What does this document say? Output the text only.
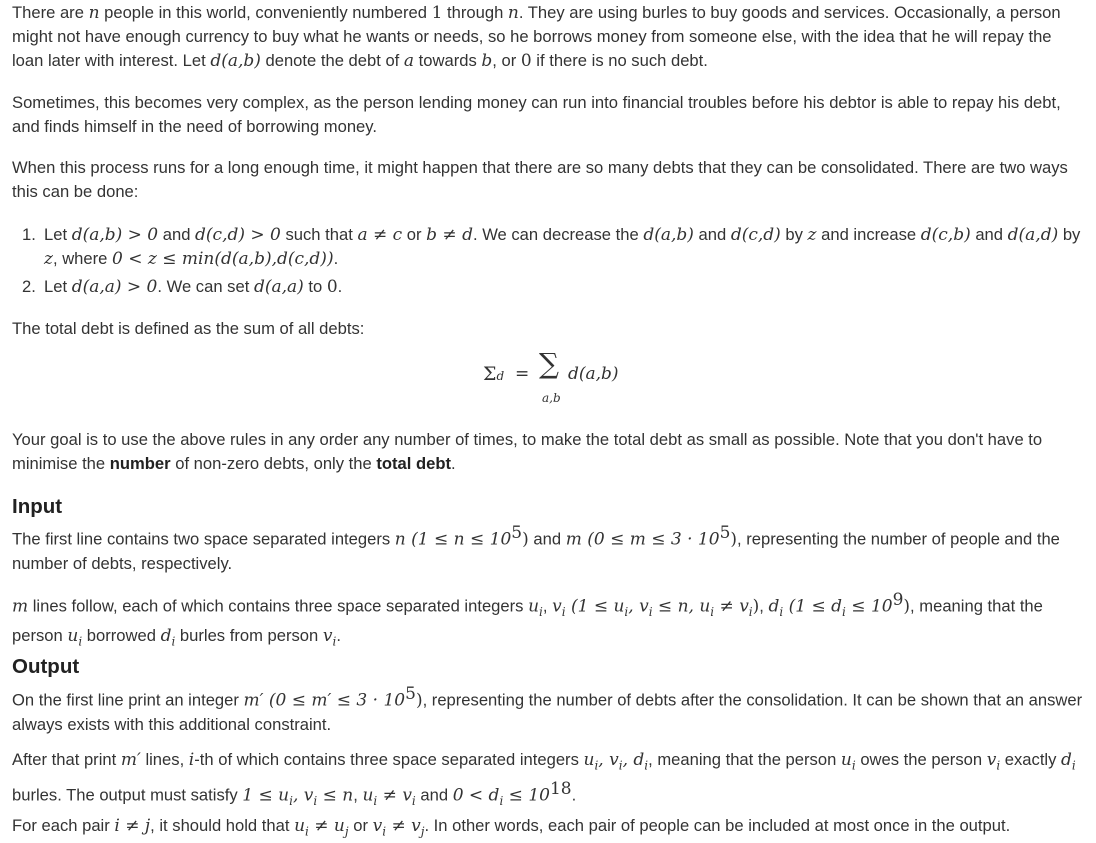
There are n people in this world, conveniently numbered 1 through n. They are using burles to buy goods and services. Occasionally, a person might not have enough currency to buy what he wants or needs, so he borrows money from someone else, with the idea that he will repay the loan later with interest. Let d(a,b) denote the debt of a towards b, or 0 if there is no such debt.

Sometimes, this becomes very complex, as the person lending money can run into financial troubles before his debtor is able to repay his debt, and finds himself in the need of borrowing money.

When this process runs for a long enough time, it might happen that there are so many debts that they can be consolidated. There are two ways this can be done:

1. Let d(a,b) > 0 and d(c,d) > 0 such that a ≠ c or b ≠ d. We can decrease the d(a,b) and d(c,d) by z and increase d(c,b) and d(a,d) by z, where 0 < z ≤ min(d(a,b),d(c,d)).
2. Let d(a,a) > 0. We can set d(a,a) to 0.

The total debt is defined as the sum of all debts:

Σd = ∑
a,b
d(a,b)

Your goal is to use the above rules in any order any number of times, to make the total debt as small as possible. Note that you don't have to minimise the number of non-zero debts, only the total debt.

Input

The first line contains two space separated integers n $(1 \le n \le 10^5)$ and m $(0 \le m \le 3 \cdot 10^5)$, representing the number of people and the number of debts, respectively.

m lines follow, each of which contains three space separated integers $u_i$, $v_i$ ($1 \le u_i$, $v_i \le n$, $u_i \ne v_i$), $d_i$ $(1 \le d_i \le 10^9)$, meaning that the person $u_i$ borrowed $d_i$ burles from person $v_i$.

Output

On the first line print an integer m′ $(0 \le m' \le 3 \cdot 10^5)$, representing the number of debts after the consolidation. It can be shown that an answer always exists with this additional constraint.

After that print m′ lines, i-th of which contains three space separated integers $u_i$, $v_i$, $d_i$, meaning that the person $u_i$ owes the person $v_i$ exactly $d_i$ burles. The output must satisfy $1 \le u_i$, $v_i \le n$, $u_i \ne v_i$ and $0 < d_i \le 10^{18}$.

For each pair i ≠ j, it should hold that $u_i \ne u_j$ or $v_i \ne v_j$. In other words, each pair of people can be included at most once in the output.
